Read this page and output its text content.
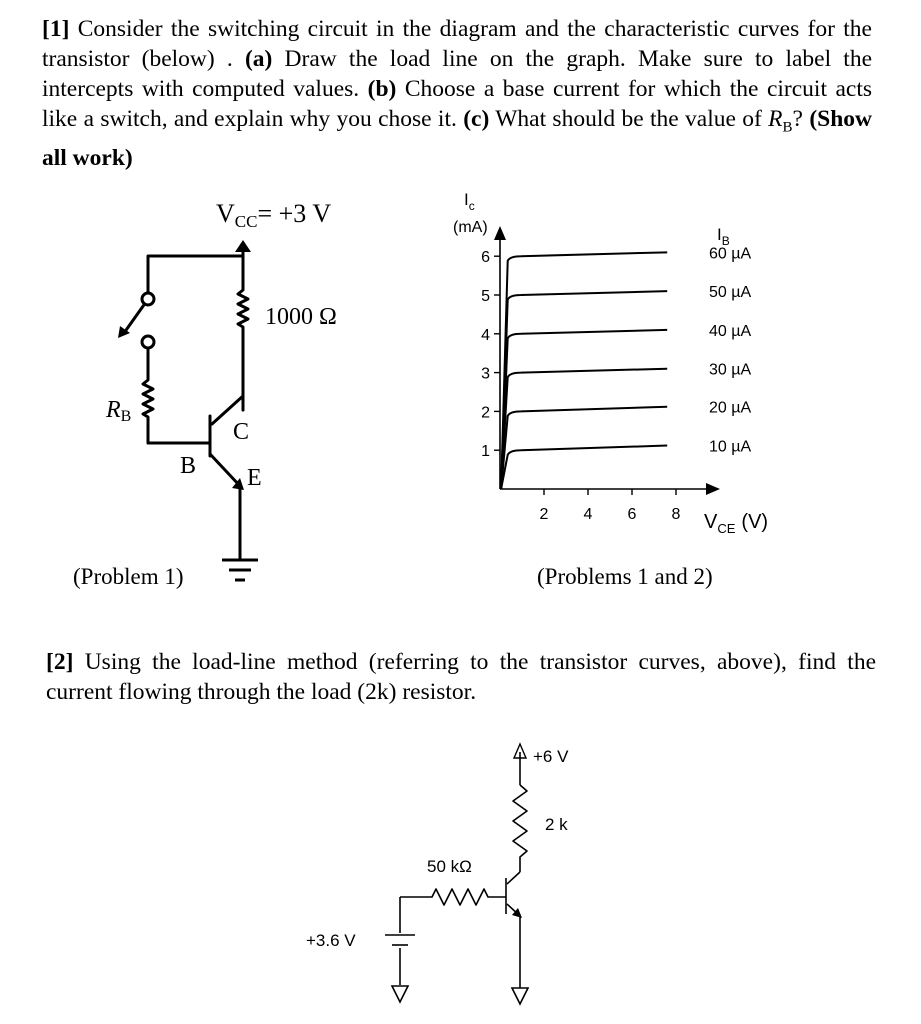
[1] Consider the switching circuit in the diagram and the characteristic curves for the transistor (below) . (a) Draw the load line on the graph. Make sure to label the intercepts with computed values. (b) Choose a base current for which the circuit acts like a switch, and explain why you chose it. (c) What should be the value of $R_B$? (Show all work)
VCC= +3 V
1000 Ω
RB
C
B E
(Problem 1)
1
2
3
4
5
6
2 4 6 8
10 µA
20 µA
30 µA
40 µA
50 µA
60 µA
$I_c$
(mA)
$V_{CE}$ (V)
$I_B$
(Problems 1 and 2)
[2] Using the load-line method (referring to the transistor curves, above), find the current flowing through the load (2k) resistor.
+6 V
2 k
50 kΩ
+3.6 V
